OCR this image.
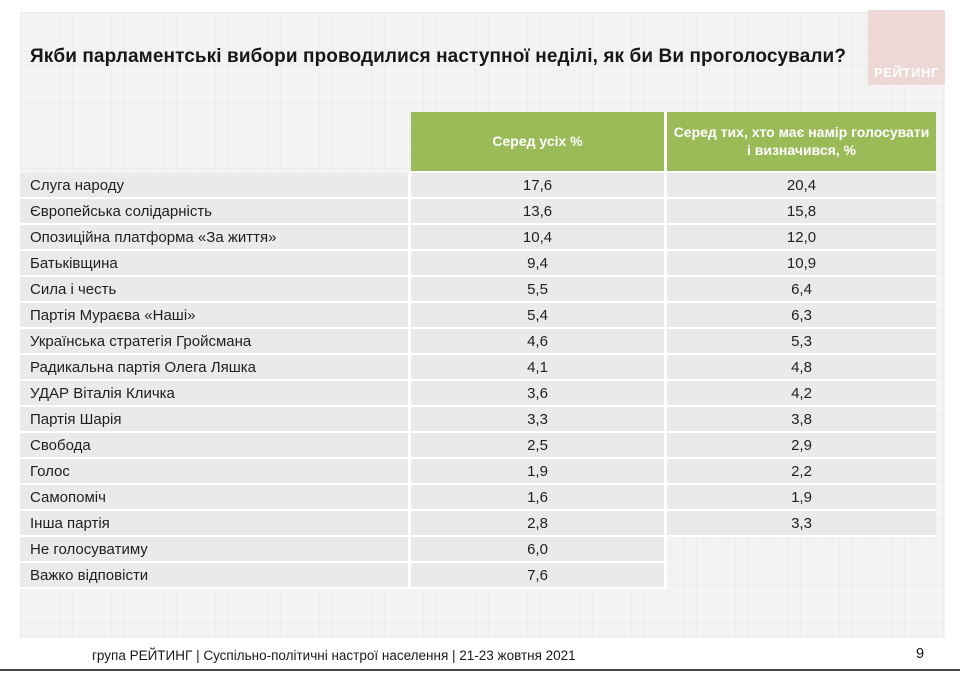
Якби парламентські вибори проводилися наступної неділі, як би Ви проголосували?
Серед усіх %
Серед тих, хто має намір голосувати і визначився, %
Слуга народу	17,6	20,4
Європейська солідарність	13,6	15,8
Опозиційна платформа «За життя»	10,4	12,0
Батьківщина	9,4	10,9
Сила і честь	5,5	6,4
Партія Мураєва «Наші»	5,4	6,3
Українська стратегія Гройсмана	4,6	5,3
Радикальна партія Олега Ляшка	4,1	4,8
УДАР Віталія Кличка	3,6	4,2
Партія Шарія	3,3	3,8
Свобода	2,5	2,9
Голос	1,9	2,2
Самопоміч	1,6	1,9
Інша партія	2,8	3,3
Не голосуватиму	6,0
Важко відповісти	7,6
РЕЙТИНГ
група РЕЙТИНГ | Суспільно-політичні настрої населення | 21-23 жовтня 2021	9
